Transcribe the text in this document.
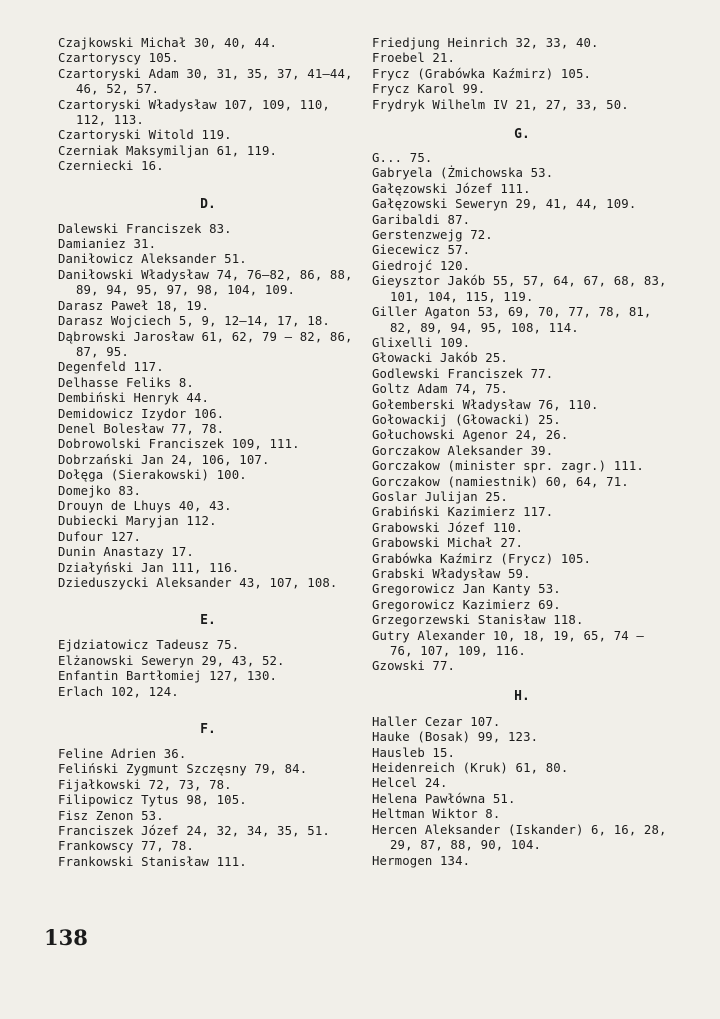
Czajkowski Michał 30, 40, 44.
Czartoryscy 105.
Czartoryski Adam 30, 31, 35, 37, 41—44, 46, 52, 57.
Czartoryski Władysław 107, 109, 110, 112, 113.
Czartoryski Witold 119.
Czerniak Maksymiljan 61, 119.
Czerniecki 16.
D.
Dalewski Franciszek 83.
Damianiez 31.
Daniłowicz Aleksander 51.
Daniłowski Władysław 74, 76—82, 86, 88, 89, 94, 95, 97, 98, 104, 109.
Darasz Paweł 18, 19.
Darasz Wojciech 5, 9, 12—14, 17, 18.
Dąbrowski Jarosław 61, 62, 79 — 82, 86, 87, 95.
Degenfeld 117.
Delhasse Feliks 8.
Dembiński Henryk 44.
Demidowicz Izydor 106.
Denel Bolesław 77, 78.
Dobrowolski Franciszek 109, 111.
Dobrzański Jan 24, 106, 107.
Dołęga (Sierakowski) 100.
Domejko 83.
Drouyn de Lhuys 40, 43.
Dubiecki Maryjan 112.
Dufour 127.
Dunin Anastazy 17.
Działyński Jan 111, 116.
Dzieduszycki Aleksander 43, 107, 108.
E.
Ejdziatowicz Tadeusz 75.
Elżanowski Seweryn 29, 43, 52.
Enfantin Bartłomiej 127, 130.
Erlach 102, 124.
F.
Feline Adrien 36.
Feliński Zygmunt Szczęsny 79, 84.
Fijałkowski 72, 73, 78.
Filipowicz Tytus 98, 105.
Fisz Zenon 53.
Franciszek Józef 24, 32, 34, 35, 51.
Frankowscy 77, 78.
Frankowski Stanisław 111.
Friedjung Heinrich 32, 33, 40.
Froebel 21.
Frycz (Grabówka Kaźmirz) 105.
Frycz Karol 99.
Frydryk Wilhelm IV 21, 27, 33, 50.
G.
G... 75.
Gabryela (Żmichowska 53.
Gałęzowski Józef 111.
Gałęzowski Seweryn 29, 41, 44, 109.
Garibaldi 87.
Gerstenzwejg 72.
Giecewicz 57.
Giedrojć 120.
Gieysztor Jakób 55, 57, 64, 67, 68, 83, 101, 104, 115, 119.
Giller Agaton 53, 69, 70, 77, 78, 81, 82, 89, 94, 95, 108, 114.
Glixelli 109.
Głowacki Jakób 25.
Godlewski Franciszek 77.
Goltz Adam 74, 75.
Gołemberski Władysław 76, 110.
Gołowackij (Głowacki) 25.
Gołuchowski Agenor 24, 26.
Gorczakow Aleksander 39.
Gorczakow (minister spr. zagr.) 111.
Gorczakow (namiestnik) 60, 64, 71.
Goslar Julijan 25.
Grabiński Kazimierz 117.
Grabowski Józef 110.
Grabowski Michał 27.
Grabówka Kaźmirz (Frycz) 105.
Grabski Władysław 59.
Gregorowicz Jan Kanty 53.
Gregorowicz Kazimierz 69.
Grzegorzewski Stanisław 118.
Gutry Alexander 10, 18, 19, 65, 74 — 76, 107, 109, 116.
Gzowski 77.
H.
Haller Cezar 107.
Hauke (Bosak) 99, 123.
Hausleb 15.
Heidenreich (Kruk) 61, 80.
Helcel 24.
Helena Pawłówna 51.
Heltman Wiktor 8.
Hercen Aleksander (Iskander) 6, 16, 28, 29, 87, 88, 90, 104.
Hermogen 134.
138
